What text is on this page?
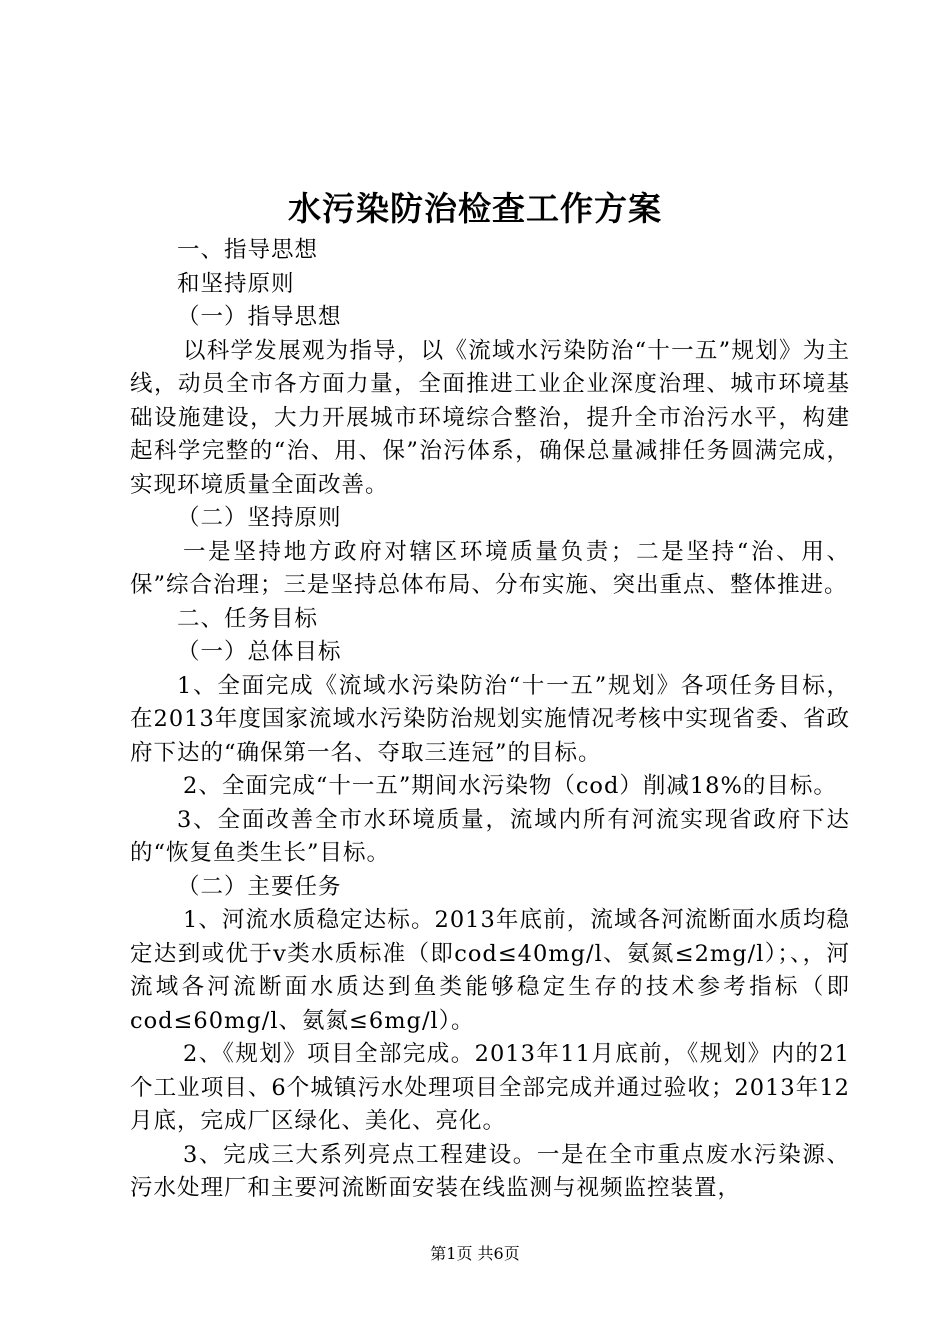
水污染防治检查工作方案

一、指导思想

和坚持原则

（一）指导思想

以科学发展观为指导，以《流域水污染防治“十一五”规划》为主线，动员全市各方面力量，全面推进工业企业深度治理、城市环境基础设施建设，大力开展城市环境综合整治，提升全市治污水平，构建起科学完整的“治、用、保”治污体系，确保总量减排任务圆满完成，实现环境质量全面改善。

（二）坚持原则

一是坚持地方政府对辖区环境质量负责；二是坚持“治、用、保”综合治理；三是坚持总体布局、分布实施、突出重点、整体推进。

二、任务目标

（一）总体目标

1、全面完成《流域水污染防治“十一五”规划》各项任务目标，在2013年度国家流域水污染防治规划实施情况考核中实现省委、省政府下达的“确保第一名、夺取三连冠”的目标。

2、全面完成“十一五”期间水污染物（cod）削减18%的目标。

3、全面改善全市水环境质量，流域内所有河流实现省政府下达的“恢复鱼类生长”目标。

（二）主要任务

1、河流水质稳定达标。2013年底前，流域各河流断面水质均稳定达到或优于v类水质标准（即cod≤40mg/l、氨氮≤2mg/l）；、，河流域各河流断面水质达到鱼类能够稳定生存的技术参考指标（即cod≤60mg/l、氨氮≤6mg/l）。

2、《规划》项目全部完成。2013年11月底前，《规划》内的21个工业项目、6个城镇污水处理项目全部完成并通过验收；2013年12月底，完成厂区绿化、美化、亮化。

3、完成三大系列亮点工程建设。一是在全市重点废水污染源、污水处理厂和主要河流断面安装在线监测与视频监控装置，

第1页 共6页
